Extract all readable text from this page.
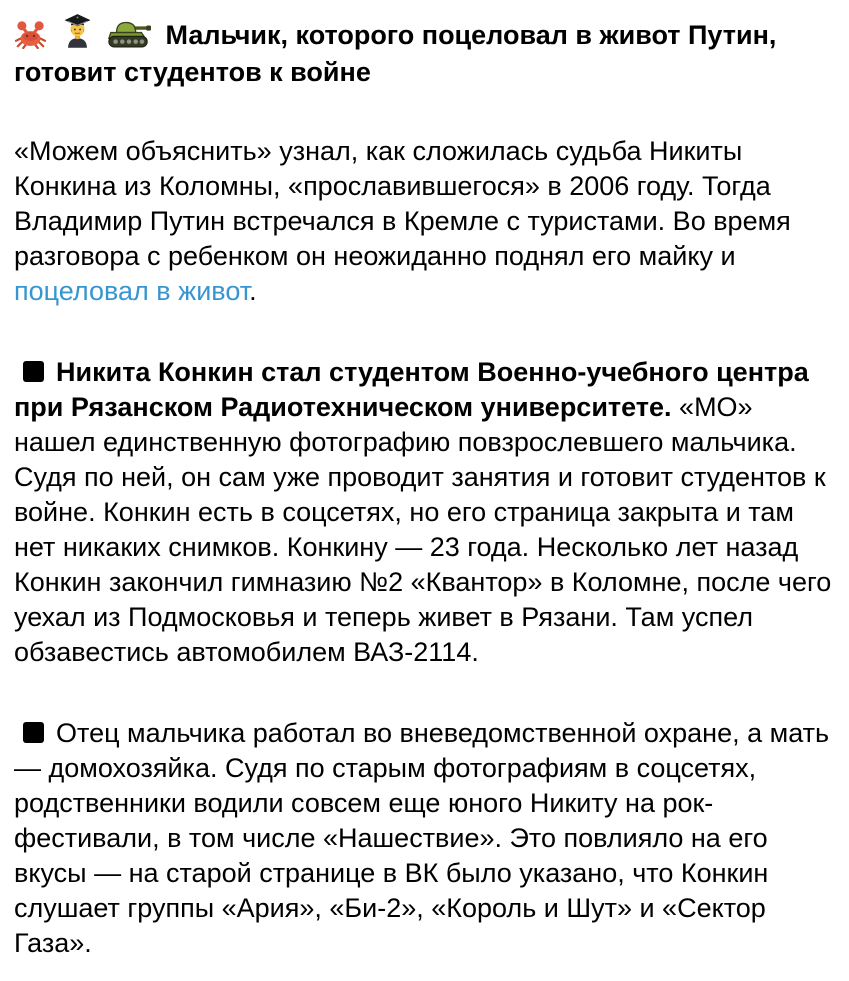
Мальчик, которого поцеловал в живот Путин, готовит студентов к войне

«Можем объяснить» узнал, как сложилась судьба Никиты Конкина из Коломны, «прославившегося» в 2006 году. Тогда Владимир Путин встречался в Кремле с туристами. Во время разговора с ребенком он неожиданно поднял его майку и поцеловал в живот.

Никита Конкин стал студентом Военно-учебного центра при Рязанском Радиотехническом университете. «МО» нашел единственную фотографию повзрослевшего мальчика. Судя по ней, он сам уже проводит занятия и готовит студентов к войне. Конкин есть в соцсетях, но его страница закрыта и там нет никаких снимков. Конкину — 23 года. Несколько лет назад Конкин закончил гимназию №2 «Квантор» в Коломне, после чего уехал из Подмосковья и теперь живет в Рязани. Там успел обзавестись автомобилем ВАЗ-2114.

Отец мальчика работал во вневедомственной охране, а мать — домохозяйка. Судя по старым фотографиям в соцсетях, родственники водили совсем еще юного Никиту на рок-фестивали, в том числе «Нашествие». Это повлияло на его вкусы — на старой странице в ВК было указано, что Конкин слушает группы «Ария», «Би-2», «Король и Шут» и «Сектор Газа».
